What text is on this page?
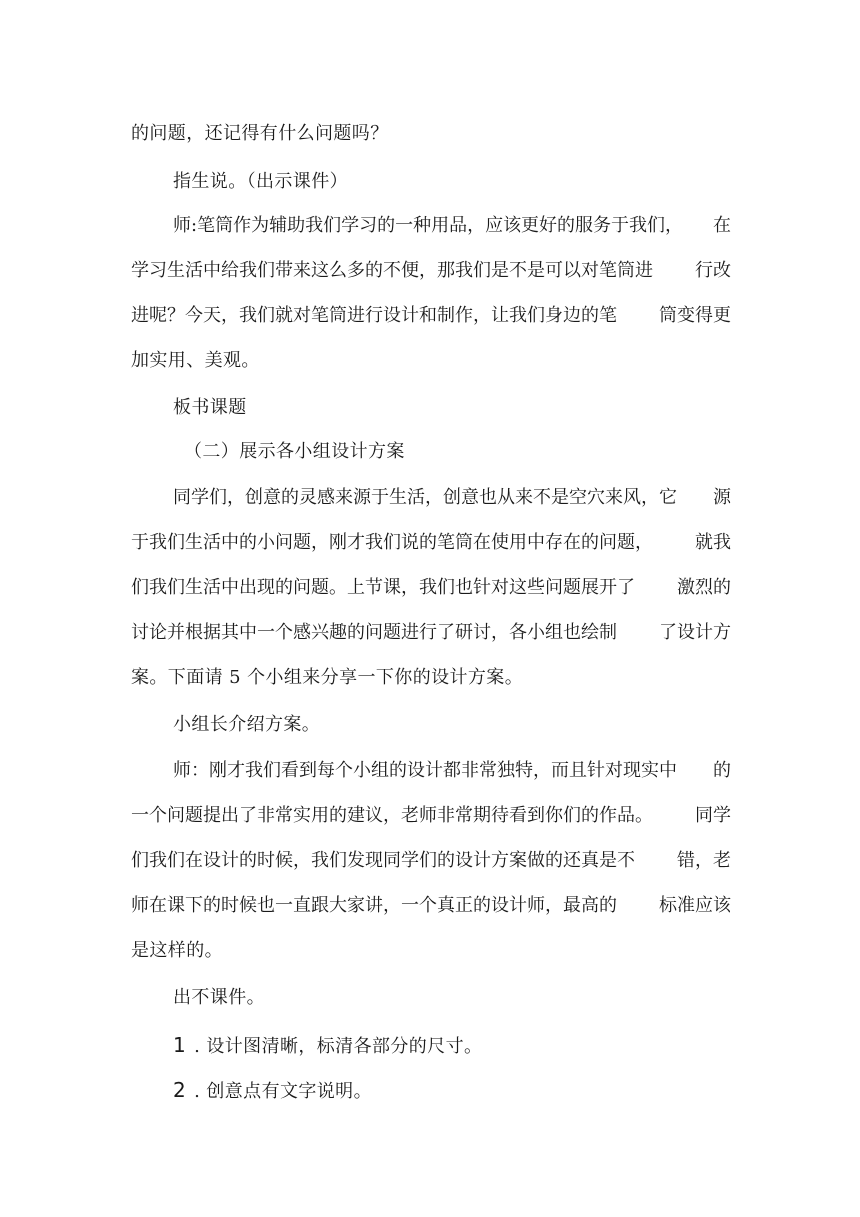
的问题，还记得有什么问题吗？
指生说。（出示课件）
师:笔筒作为辅助我们学习的一种用品，应该更好的服务于我们， 在
学习生活中给我们带来这么多的不便，那我们是不是可以对笔筒进 行改
进呢？今天，我们就对笔筒进行设计和制作，让我们身边的笔 筒变得更
加实用、美观。
板书课题
（二）展示各小组设计方案
同学们，创意的灵感来源于生活，创意也从来不是空穴来风，它 源
于我们生活中的小问题，刚才我们说的笔筒在使用中存在的问题， 就我
们我们生活中出现的问题。上节课，我们也针对这些问题展开了 激烈的
讨论并根据其中一个感兴趣的问题进行了研讨，各小组也绘制 了设计方
案。下面请 5 个小组来分享一下你的设计方案。
小组长介绍方案。
师：刚才我们看到每个小组的设计都非常独特，而且针对现实中 的
一个问题提出了非常实用的建议，老师非常期待看到你们的作品。 同学
们我们在设计的时候，我们发现同学们的设计方案做的还真是不 错，老
师在课下的时候也一直跟大家讲，一个真正的设计师，最高的 标准应该
是这样的。
出不课件。
1 . 设计图清晰，标清各部分的尺寸。
2 . 创意点有文字说明。
